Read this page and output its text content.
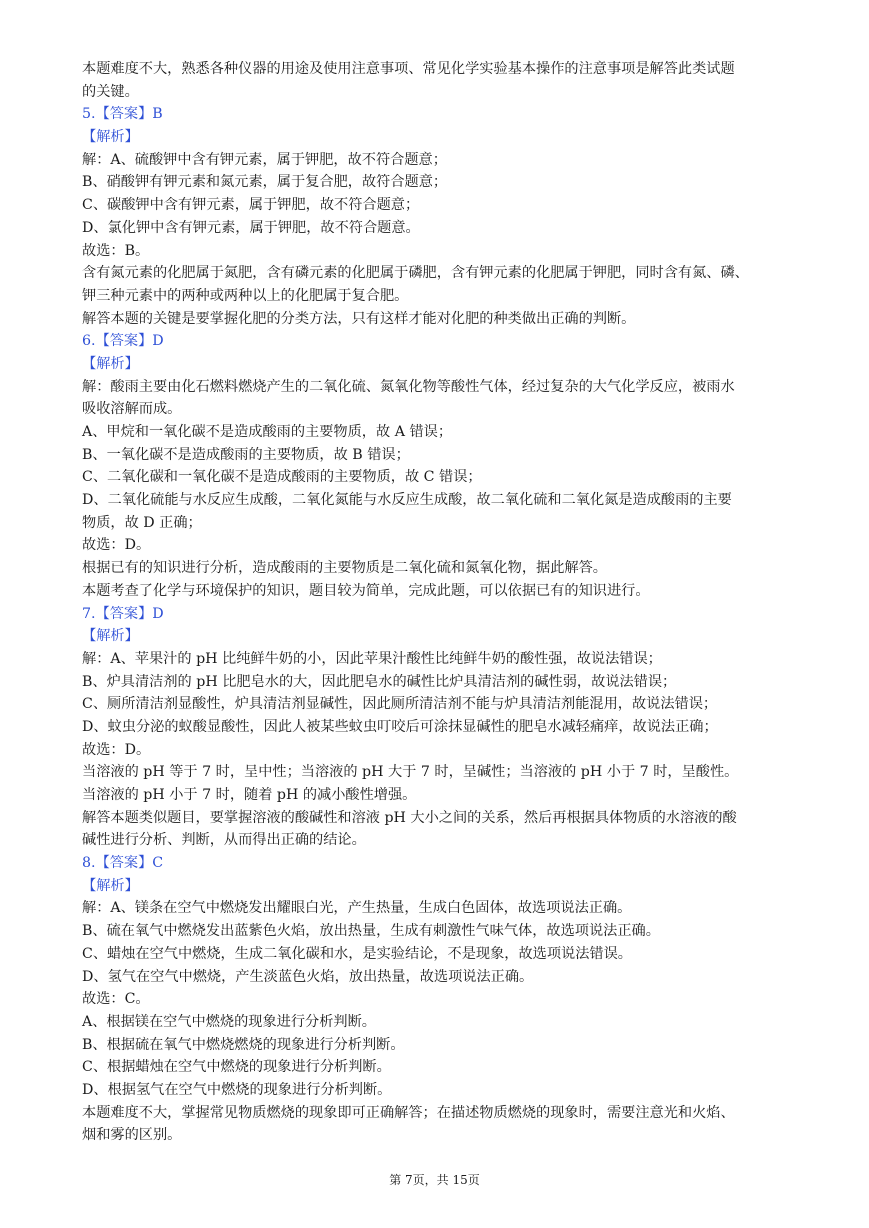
本题难度不大，熟悉各种仪器的用途及使用注意事项、常见化学实验基本操作的注意事项是解答此类试题
的关键。
5.【答案】B
【解析】
解：A、硫酸钾中含有钾元素，属于钾肥，故不符合题意；
B、硝酸钾有钾元素和氮元素，属于复合肥，故符合题意；
C、碳酸钾中含有钾元素，属于钾肥，故不符合题意；
D、氯化钾中含有钾元素，属于钾肥，故不符合题意。
故选：B。
含有氮元素的化肥属于氮肥，含有磷元素的化肥属于磷肥，含有钾元素的化肥属于钾肥，同时含有氮、磷、
钾三种元素中的两种或两种以上的化肥属于复合肥。
解答本题的关键是要掌握化肥的分类方法，只有这样才能对化肥的种类做出正确的判断。
6.【答案】D
【解析】
解：酸雨主要由化石燃料燃烧产生的二氧化硫、氮氧化物等酸性气体，经过复杂的大气化学反应，被雨水
吸收溶解而成。
A、甲烷和一氧化碳不是造成酸雨的主要物质，故 A 错误；
B、一氧化碳不是造成酸雨的主要物质，故 B 错误；
C、二氧化碳和一氧化碳不是造成酸雨的主要物质，故 C 错误；
D、二氧化硫能与水反应生成酸，二氧化氮能与水反应生成酸，故二氧化硫和二氧化氮是造成酸雨的主要
物质，故 D 正确；
故选：D。
根据已有的知识进行分析，造成酸雨的主要物质是二氧化硫和氮氧化物，据此解答。
本题考查了化学与环境保护的知识，题目较为简单，完成此题，可以依据已有的知识进行。
7.【答案】D
【解析】
解：A、苹果汁的 pH 比纯鲜牛奶的小，因此苹果汁酸性比纯鲜牛奶的酸性强，故说法错误；
B、炉具清洁剂的 pH 比肥皂水的大，因此肥皂水的碱性比炉具清洁剂的碱性弱，故说法错误；
C、厕所清洁剂显酸性，炉具清洁剂显碱性，因此厕所清洁剂不能与炉具清洁剂能混用，故说法错误；
D、蚊虫分泌的蚁酸显酸性，因此人被某些蚊虫叮咬后可涂抹显碱性的肥皂水减轻痛痒，故说法正确；
故选：D。
当溶液的 pH 等于 7 时，呈中性；当溶液的 pH 大于 7 时，呈碱性；当溶液的 pH 小于 7 时，呈酸性。
当溶液的 pH 小于 7 时，随着 pH 的减小酸性增强。
解答本题类似题目，要掌握溶液的酸碱性和溶液 pH 大小之间的关系，然后再根据具体物质的水溶液的酸
碱性进行分析、判断，从而得出正确的结论。
8.【答案】C
【解析】
解：A、镁条在空气中燃烧发出耀眼白光，产生热量，生成白色固体，故选项说法正确。
B、硫在氧气中燃烧发出蓝紫色火焰，放出热量，生成有刺激性气味气体，故选项说法正确。
C、蜡烛在空气中燃烧，生成二氧化碳和水，是实验结论，不是现象，故选项说法错误。
D、氢气在空气中燃烧，产生淡蓝色火焰，放出热量，故选项说法正确。
故选：C。
A、根据镁在空气中燃烧的现象进行分析判断。
B、根据硫在氧气中燃烧燃烧的现象进行分析判断。
C、根据蜡烛在空气中燃烧的现象进行分析判断。
D、根据氢气在空气中燃烧的现象进行分析判断。
本题难度不大，掌握常见物质燃烧的现象即可正确解答；在描述物质燃烧的现象时，需要注意光和火焰、
烟和雾的区别。
第 7页，共 15页
